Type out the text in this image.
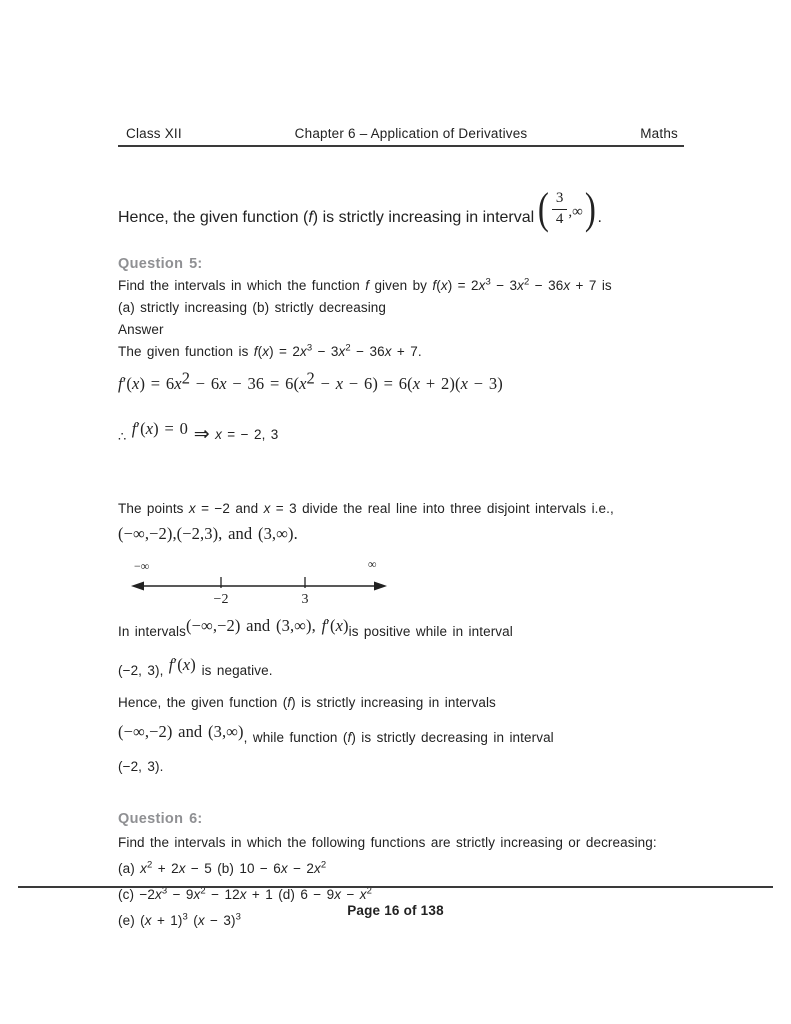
Class XII	Chapter 6 – Application of Derivatives	Maths
Hence, the given function (f) is strictly increasing in interval ( $\frac{3}{4}$ ,∞ ) .

Question 5:

Find the intervals in which the function f given by $f(x) = 2x^3 - 3x^2 - 36x + 7$ is

(a) strictly increasing (b) strictly decreasing

Answer

The given function is $f(x) = 2x^3 - 3x^2 - 36x + 7$.

$f'(x) = 6x^2 - 6x - 36 = 6(x^2 - x - 6) = 6(x + 2)(x - 3)$

∴ f′(x) = 0 ⇒ x = − 2, 3

The points x = −2 and x = 3 divide the real line into three disjoint intervals i.e.,

(−∞,−2),(−2,3), and (3,∞).

−∞	∞
−2	3

In intervals(−∞,−2) and (3,∞), f′(x)is positive while in interval

(−2, 3), f′(x) is negative.

Hence, the given function (f) is strictly increasing in intervals

(−∞,−2) and (3,∞), while function (f) is strictly decreasing in interval

(−2, 3).

Question 6:

Find the intervals in which the following functions are strictly increasing or decreasing:

(a) $x^2 + 2x - 5$ (b) $10 - 6x - 2x^2$

$(c) -2x^3 - 9x^2 - 12x + 1$ (d) $6 - 9x - x^2$

(e) $(x + 1)^3$ $(x - 3)^3$	Page 16 of 138
